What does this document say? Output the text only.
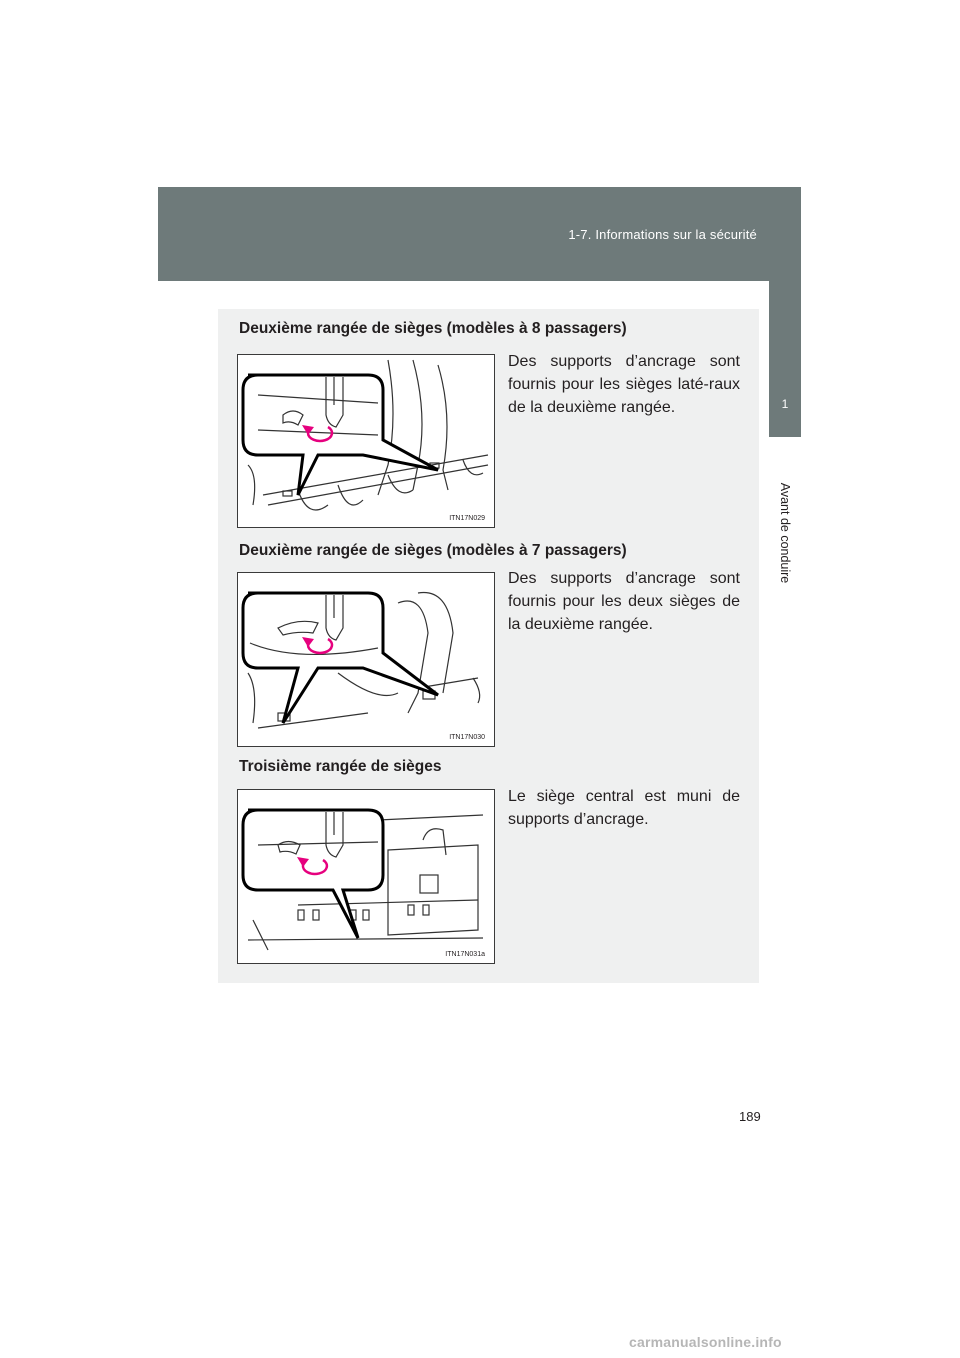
1-7. Informations sur la sécurité
1
Avant de conduire
Deuxième rangée de sièges (modèles à 8 passagers)
ITN17N029
Des supports d’ancrage sont fournis pour les sièges laté-raux de la deuxième rangée.
Deuxième rangée de sièges (modèles à 7 passagers)
ITN17N030
Des supports d’ancrage sont fournis pour les deux sièges de la deuxième rangée.
Troisième rangée de sièges
ITN17N031a
Le siège central est muni de supports d’ancrage.
189
carmanualsonline.info
